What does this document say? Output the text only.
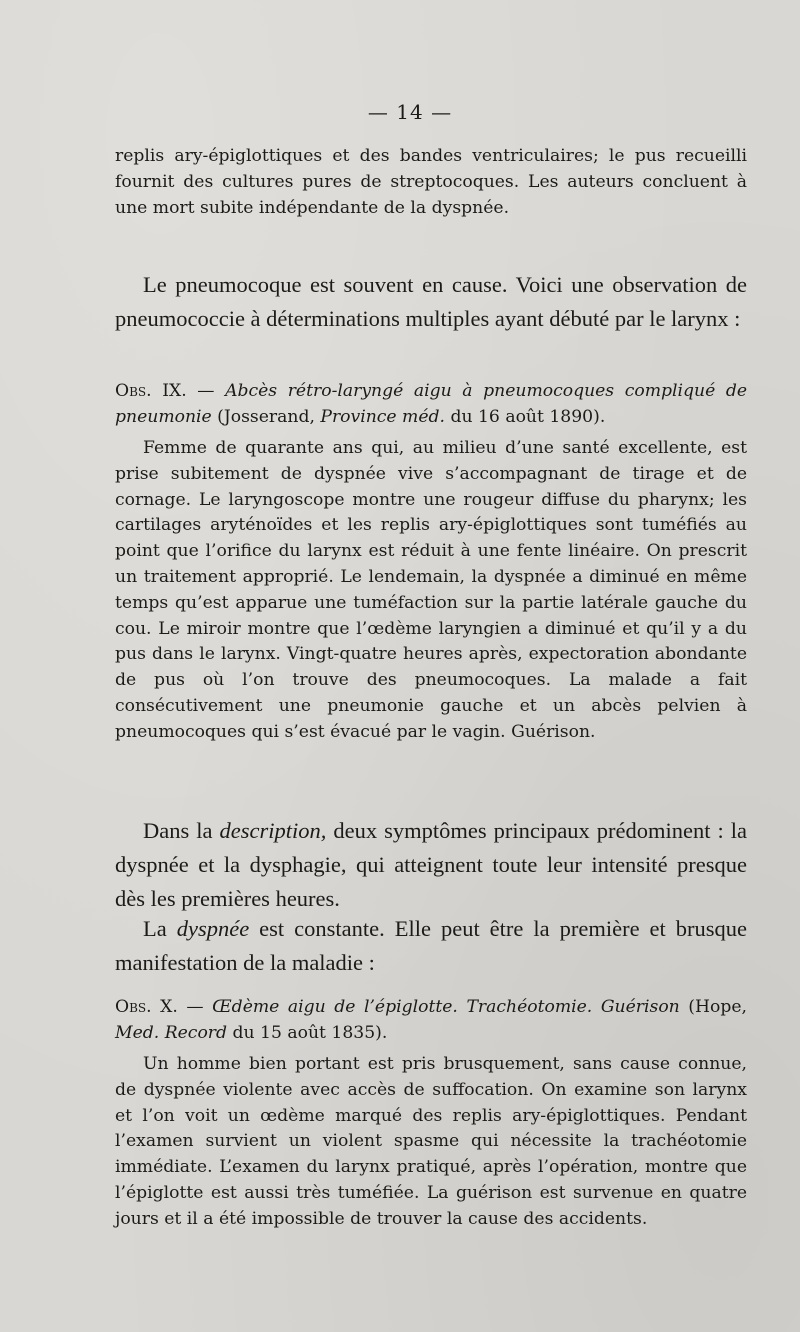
— 14 —

replis ary-épiglottiques et des bandes ventriculaires; le pus recueilli fournit des cultures pures de streptocoques. Les auteurs concluent à une mort subite indépendante de la dyspnée.

Le pneumocoque est souvent en cause. Voici une observation de pneumococcie à déterminations multiples ayant débuté par le larynx :

Obs. IX. — Abcès rétro-laryngé aigu à pneumocoques compliqué de pneumonie (Josserand, Province méd. du 16 août 1890).

Femme de quarante ans qui, au milieu d’une santé excellente, est prise subitement de dyspnée vive s’accompagnant de tirage et de cornage. Le laryngoscope montre une rougeur diffuse du pharynx; les cartilages aryténoïdes et les replis ary-épiglottiques sont tuméfiés au point que l’orifice du larynx est réduit à une fente linéaire. On prescrit un traitement approprié. Le lendemain, la dyspnée a diminué en même temps qu’est apparue une tuméfaction sur la partie latérale gauche du cou. Le miroir montre que l’œdème laryngien a diminué et qu’il y a du pus dans le larynx. Vingt-quatre heures après, expectoration abondante de pus où l’on trouve des pneumocoques. La malade a fait consécutivement une pneumonie gauche et un abcès pelvien à pneumocoques qui s’est évacué par le vagin. Guérison.

Dans la description, deux symptômes principaux prédominent : la dyspnée et la dysphagie, qui atteignent toute leur intensité presque dès les premières heures.

La dyspnée est constante. Elle peut être la première et brusque manifestation de la maladie :

Obs. X. — Œdème aigu de l’épiglotte. Trachéotomie. Guérison (Hope, Med. Record du 15 août 1835).

Un homme bien portant est pris brusquement, sans cause connue, de dyspnée violente avec accès de suffocation. On examine son larynx et l’on voit un œdème marqué des replis ary-épiglottiques. Pendant l’examen survient un violent spasme qui nécessite la trachéotomie immédiate. L’examen du larynx pratiqué, après l’opération, montre que l’épiglotte est aussi très tuméfiée. La guérison est survenue en quatre jours et il a été impossible de trouver la cause des accidents.
